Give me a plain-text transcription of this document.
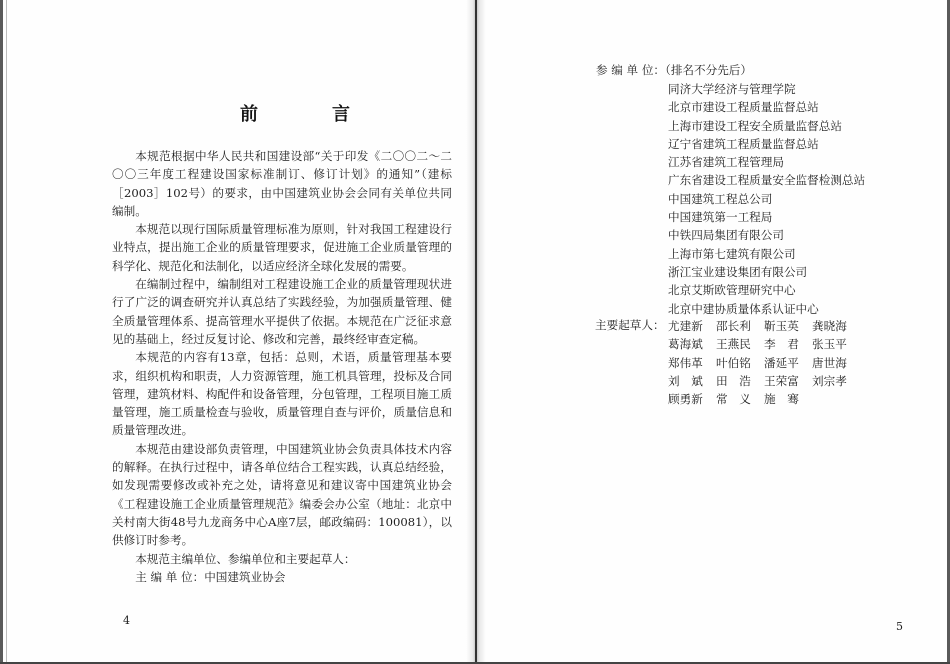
前　言

本规范根据中华人民共和国建设部“关于印发《二〇〇二～二〇〇三年度工程建设国家标准制订、修订计划》的通知”（建标［2003］102号）的要求，由中国建筑业协会会同有关单位共同编制。

本规范以现行国际质量管理标准为原则，针对我国工程建设行业特点，提出施工企业的质量管理要求，促进施工企业质量管理的科学化、规范化和法制化，以适应经济全球化发展的需要。

在编制过程中，编制组对工程建设施工企业的质量管理现状进行了广泛的调查研究并认真总结了实践经验，为加强质量管理、健全质量管理体系、提高管理水平提供了依据。本规范在广泛征求意见的基础上，经过反复讨论、修改和完善，最终经审查定稿。

本规范的内容有13章，包括：总则，术语，质量管理基本要求，组织机构和职责，人力资源管理，施工机具管理，投标及合同管理，建筑材料、构配件和设备管理，分包管理，工程项目施工质量管理，施工质量检查与验收，质量管理自查与评价，质量信息和质量管理改进。

本规范由建设部负责管理，中国建筑业协会负责具体技术内容的解释。在执行过程中，请各单位结合工程实践，认真总结经验，如发现需要修改或补充之处，请将意见和建议寄中国建筑业协会《工程建设施工企业质量管理规范》编委会办公室（地址：北京中关村南大街48号九龙商务中心A座7层，邮政编码：100081），以供修订时参考。

本规范主编单位、参编单位和主要起草人：

主 编 单 位：中国建筑业协会

4
参 编 单 位：（排名不分先后）
同济大学经济与管理学院
北京市建设工程质量监督总站
上海市建设工程安全质量监督总站
辽宁省建筑工程质量监督总站
江苏省建筑工程管理局
广东省建设工程质量安全监督检测总站
中国建筑工程总公司
中国建筑第一工程局
中铁四局集团有限公司
上海市第七建筑有限公司
浙江宝业建设集团有限公司
北京艾斯欧管理研究中心
北京中建协质量体系认证中心
主要起草人： 尤建新	邵长利	靳玉英	龚晓海
葛海斌	王燕民	李　君	张玉平
郑伟革	叶伯铭	潘延平	唐世海
刘　斌	田　浩	王荣富	刘宗孝
顾勇新	常　义	施　骞
5
